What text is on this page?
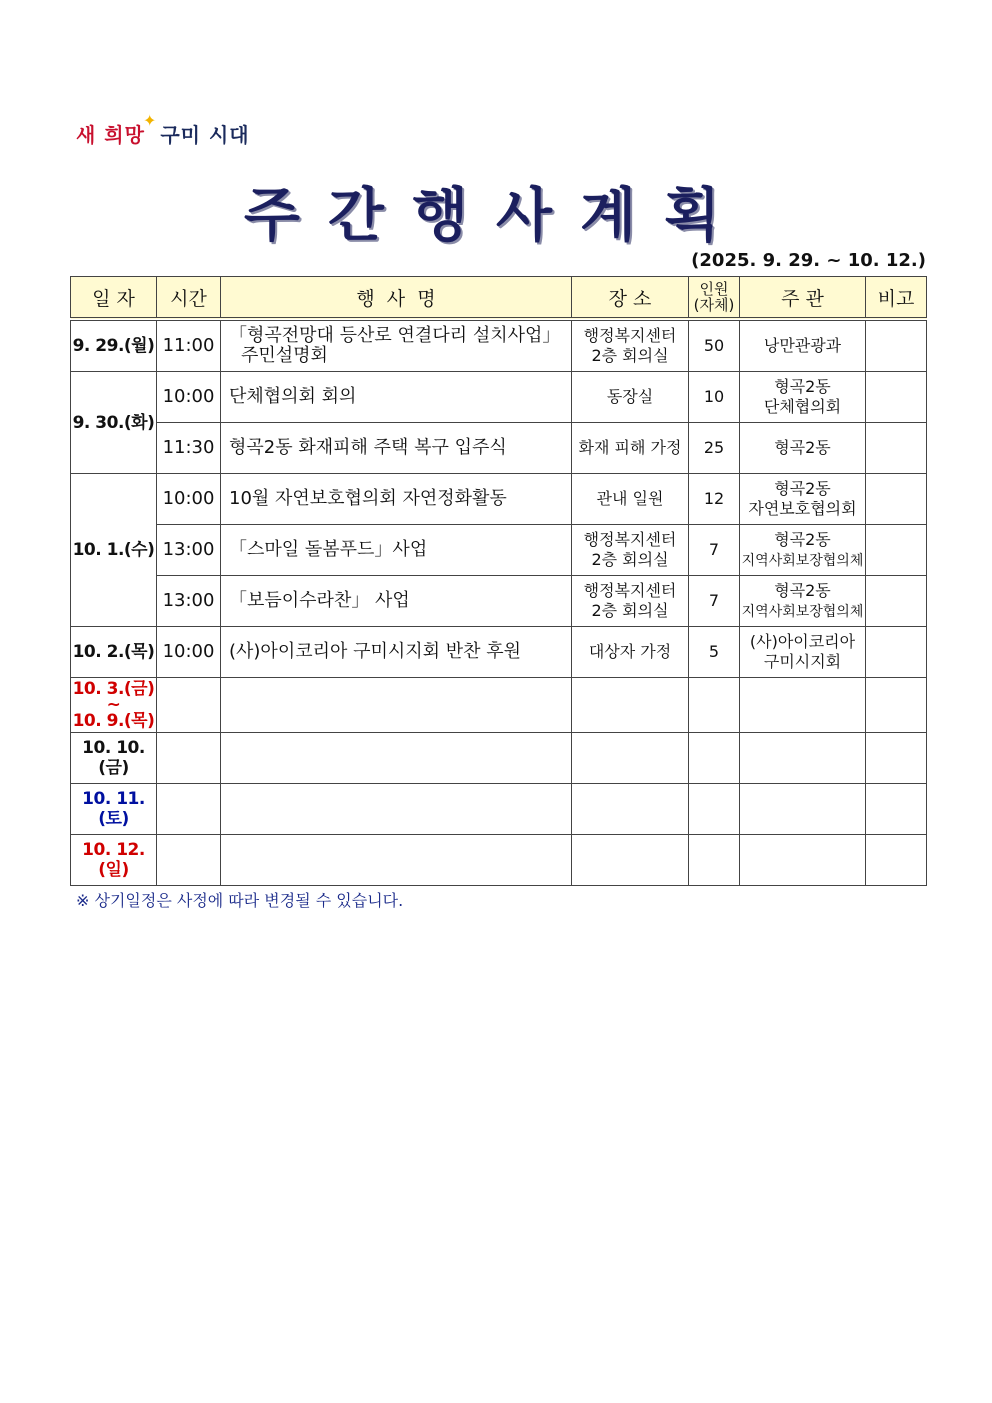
새 희망
✦
구미 시대
주간행사계획
(2025. 9. 29. ~ 10. 12.)
일 자	시간	행  사  명	장 소	인원
(자체)	주 관	비고
9. 29.(월)	11:00	「형곡전망대 등산로 연결다리 설치사업」
주민설명회	행정복지센터
2층 회의실	50	낭만관광과	
9. 30.(화)	10:00	단체협의회 회의	동장실	10	형곡2동
단체협의회	
	11:30	형곡2동 화재피해 주택 복구 입주식	화재 피해 가정	25	형곡2동	
10. 1.(수)	10:00	10월 자연보호협의회 자연정화활동	관내 일원	12	형곡2동
자연보호협의회	
	13:00	「스마일 돌봄푸드」사업	행정복지센터
2층 회의실	7	형곡2동
지역사회보장협의체	
	13:00	「보듬이수라찬」 사업	행정복지센터
2층 회의실	7	형곡2동
지역사회보장협의체	
10. 2.(목)	10:00	(사)아이코리아 구미시지회 반찬 후원	대상자 가정	5	(사)아이코리아
구미시지회	
10. 3.(금)
~
10. 9.(목)						
10. 10.(금)						
10. 11.(토)						
10. 12.(일)						
※ 상기일정은 사정에 따라 변경될 수 있습니다.
